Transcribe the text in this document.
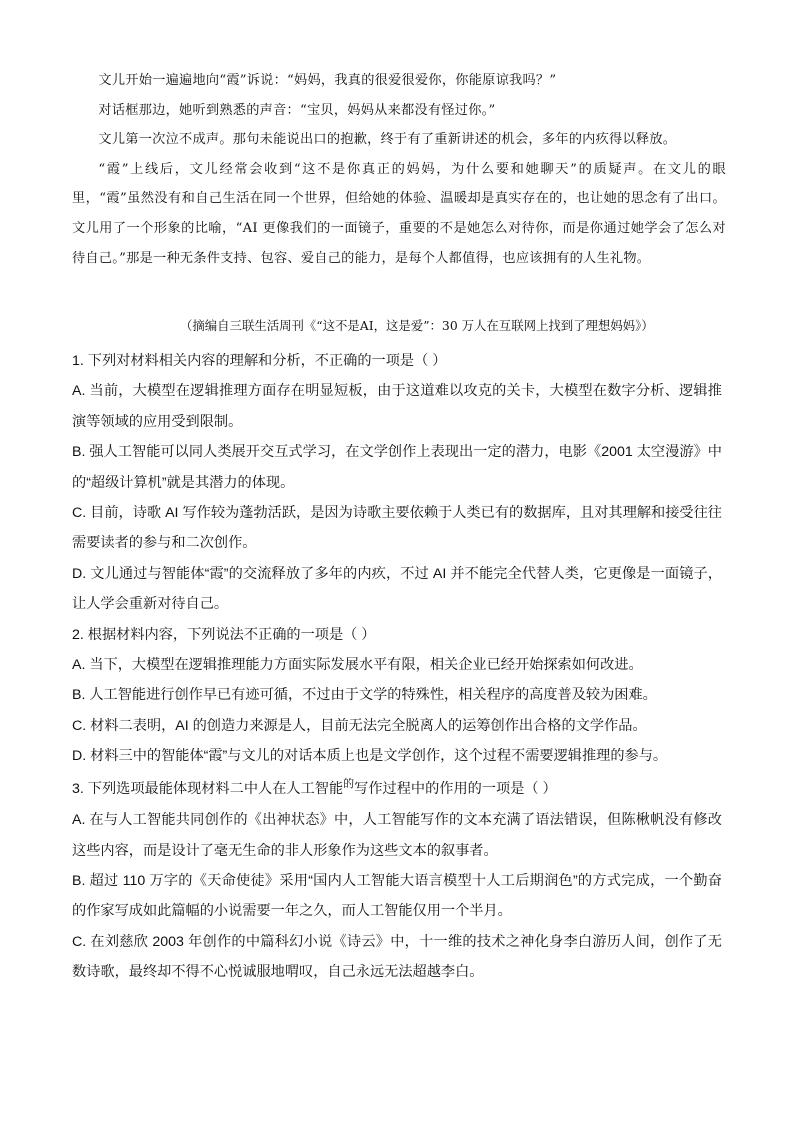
文儿开始一遍遍地向“霞”诉说：“妈妈，我真的很爱很爱你，你能原谅我吗？”

对话框那边，她听到熟悉的声音：“宝贝，妈妈从来都没有怪过你。”

文儿第一次泣不成声。那句未能说出口的抱歉，终于有了重新讲述的机会，多年的内疚得以释放。

“霞”上线后，文儿经常会收到“这不是你真正的妈妈，为什么要和她聊天”的质疑声。在文儿的眼里，“霞”虽然没有和自己生活在同一个世界，但给她的体验、温暖却是真实存在的，也让她的思念有了出口。文儿用了一个形象的比喻，“AI 更像我们的一面镜子，重要的不是她怎么对待你，而是你通过她学会了怎么对待自己。”那是一种无条件支持、包容、爱自己的能力，是每个人都值得，也应该拥有的人生礼物。

（摘编自三联生活周刊《“这不是AI，这是爱”：30 万人在互联网上找到了理想妈妈》）

1. 下列对材料相关内容的理解和分析，不正确的一项是（ ）

A. 当前，大模型在逻辑推理方面存在明显短板，由于这道难以攻克的关卡，大模型在数字分析、逻辑推演等领域的应用受到限制。

B. 强人工智能可以同人类展开交互式学习，在文学创作上表现出一定的潜力，电影《2001 太空漫游》中的“超级计算机”就是其潜力的体现。

C. 目前，诗歌 AI 写作较为蓬勃活跃，是因为诗歌主要依赖于人类已有的数据库，且对其理解和接受往往需要读者的参与和二次创作。

D. 文儿通过与智能体“霞”的交流释放了多年的内疚，不过 AI 并不能完全代替人类，它更像是一面镜子，让人学会重新对待自己。

2. 根据材料内容，下列说法不正确的一项是（ ）

A. 当下，大模型在逻辑推理能力方面实际发展水平有限，相关企业已经开始探索如何改进。

B. 人工智能进行创作早已有迹可循，不过由于文学的特殊性，相关程序的高度普及较为困难。

C. 材料二表明，AI 的创造力来源是人，目前无法完全脱离人的运筹创作出合格的文学作品。

D. 材料三中的智能体“霞”与文儿的对话本质上也是文学创作，这个过程不需要逻辑推理的参与。

3. 下列选项最能体现材料二中人在人工智能$^的$写作过程中的作用的一项是（ ）

A. 在与人工智能共同创作的《出神状态》中，人工智能写作的文本充满了语法错误，但陈楸帆没有修改这些内容，而是设计了毫无生命的非人形象作为这些文本的叙事者。

B. 超过 110 万字的《天命使徒》采用“国内人工智能大语言模型十人工后期润色”的方式完成，一个勤奋的作家写成如此篇幅的小说需要一年之久，而人工智能仅用一个半月。

C. 在刘慈欣 2003 年创作的中篇科幻小说《诗云》中，十一维的技术之神化身李白游历人间，创作了无数诗歌，最终却不得不心悦诚服地喟叹，自己永远无法超越李白。
